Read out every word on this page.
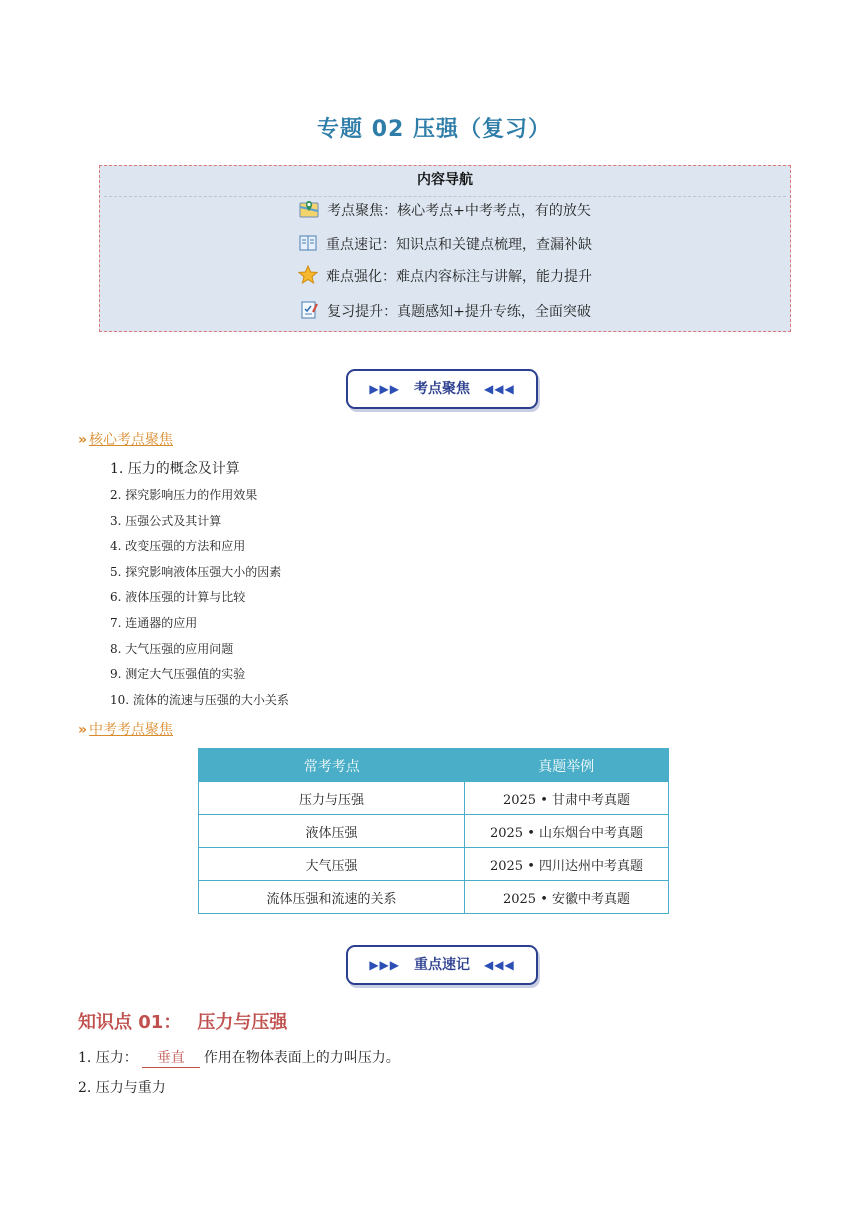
专题 02 压强（复习）
内容导航
考点聚焦：核心考点+中考考点，有的放矢
重点速记：知识点和关键点梳理，查漏补缺
难点强化：难点内容标注与讲解，能力提升
复习提升：真题感知+提升专练，全面突破
▶▶▶ 考点聚焦 ◀◀◀
» 核心考点聚焦
1. 压力的概念及计算
2. 探究影响压力的作用效果
3. 压强公式及其计算
4. 改变压强的方法和应用
5. 探究影响液体压强大小的因素
6. 液体压强的计算与比较
7. 连通器的应用
8. 大气压强的应用问题
9. 测定大气压强值的实验
10. 流体的流速与压强的大小关系
» 中考考点聚焦
常考考点	真题举例
压力与压强	2025 • 甘肃中考真题
液体压强	2025 • 山东烟台中考真题
大气压强	2025 • 四川达州中考真题
流体压强和流速的关系	2025 • 安徽中考真题
▶▶▶ 重点速记 ◀◀◀
知识点 01： 压力与压强
1. 压力： 垂直 作用在物体表面上的力叫压力。
2. 压力与重力
